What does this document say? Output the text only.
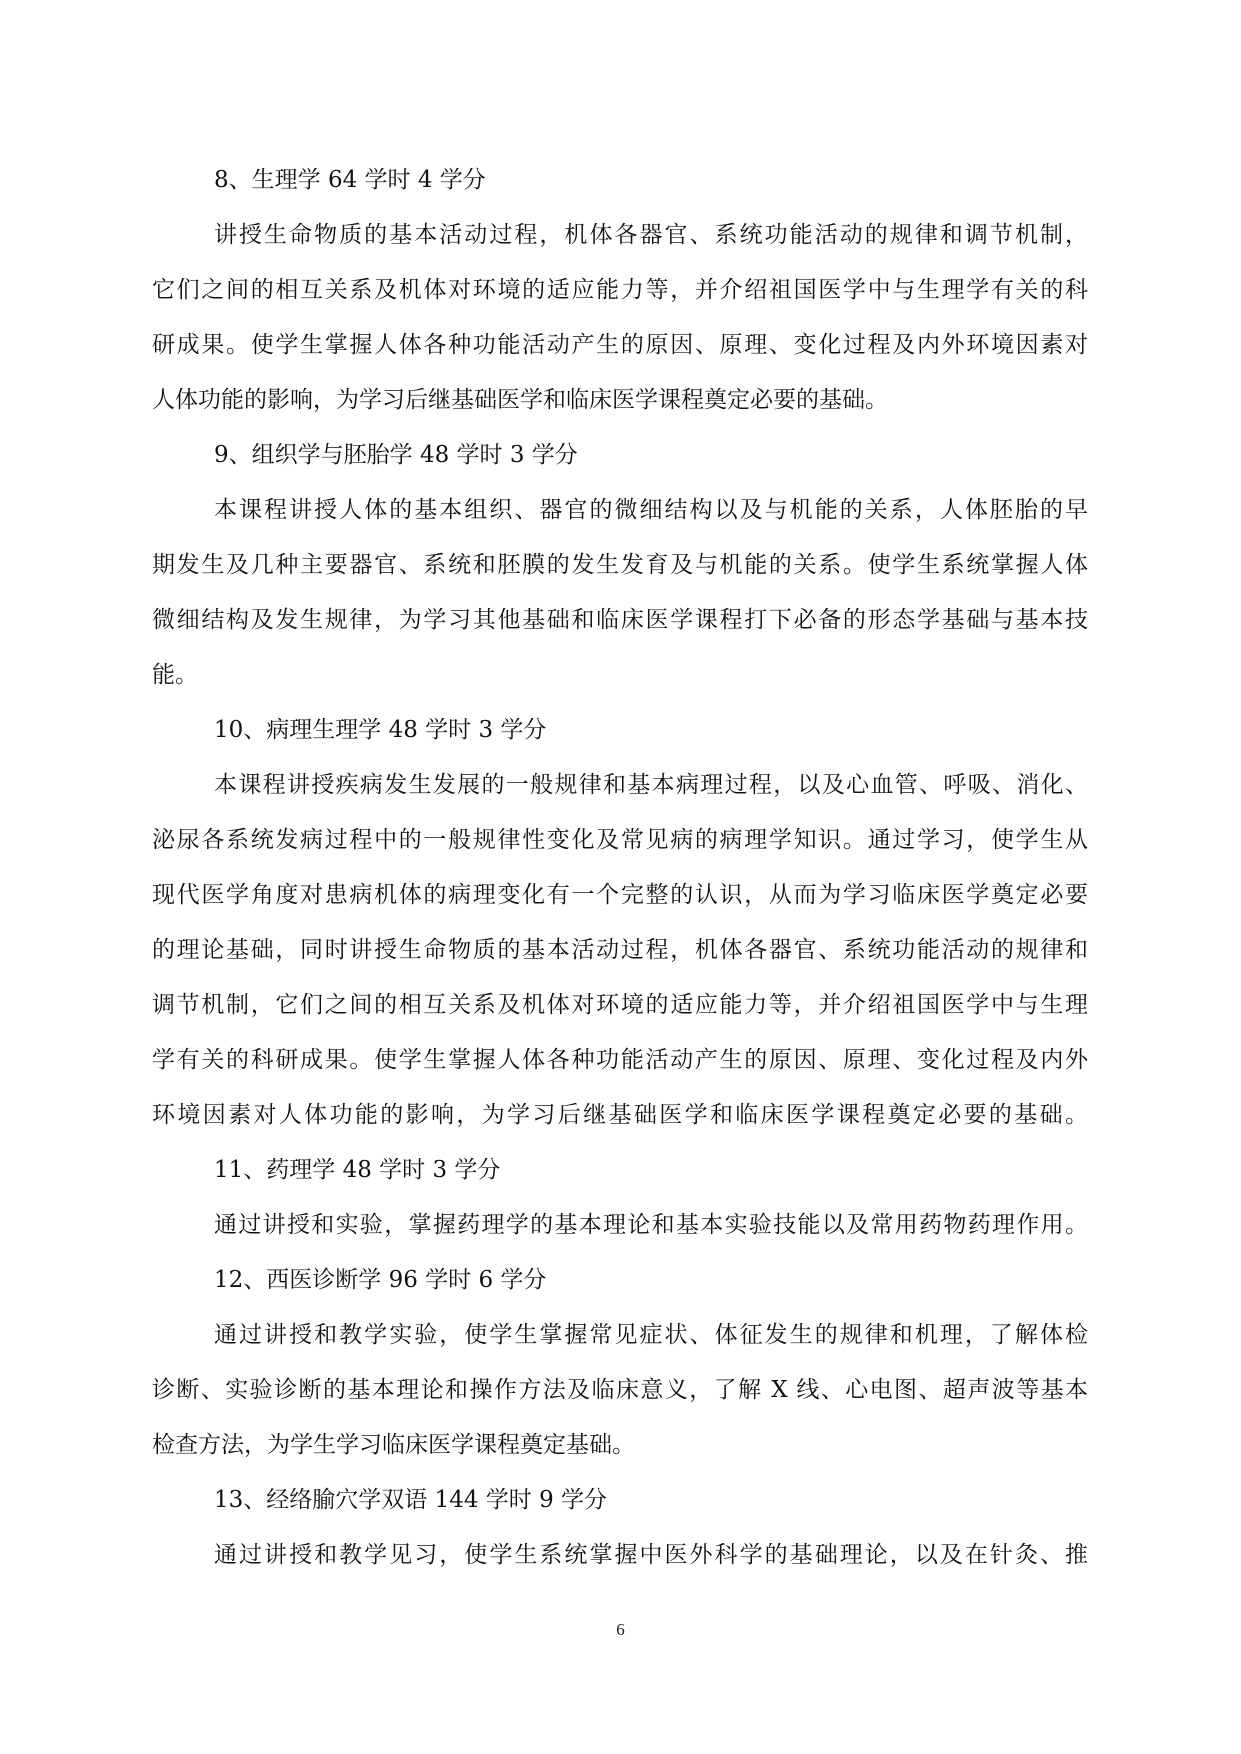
8、生理学 64 学时 4 学分
讲授生命物质的基本活动过程，机体各器官、系统功能活动的规律和调节机制，
它们之间的相互关系及机体对环境的适应能力等，并介绍祖国医学中与生理学有关的科
研成果。使学生掌握人体各种功能活动产生的原因、原理、变化过程及内外环境因素对
人体功能的影响，为学习后继基础医学和临床医学课程奠定必要的基础。
9、组织学与胚胎学 48 学时 3 学分
本课程讲授人体的基本组织、器官的微细结构以及与机能的关系，人体胚胎的早
期发生及几种主要器官、系统和胚膜的发生发育及与机能的关系。使学生系统掌握人体
微细结构及发生规律，为学习其他基础和临床医学课程打下必备的形态学基础与基本技
能。
10、病理生理学 48 学时 3 学分
本课程讲授疾病发生发展的一般规律和基本病理过程，以及心血管、呼吸、消化、
泌尿各系统发病过程中的一般规律性变化及常见病的病理学知识。通过学习，使学生从
现代医学角度对患病机体的病理变化有一个完整的认识，从而为学习临床医学奠定必要
的理论基础，同时讲授生命物质的基本活动过程，机体各器官、系统功能活动的规律和
调节机制，它们之间的相互关系及机体对环境的适应能力等，并介绍祖国医学中与生理
学有关的科研成果。使学生掌握人体各种功能活动产生的原因、原理、变化过程及内外
环境因素对人体功能的影响，为学习后继基础医学和临床医学课程奠定必要的基础。
11、药理学 48 学时 3 学分
通过讲授和实验，掌握药理学的基本理论和基本实验技能以及常用药物药理作用。
12、西医诊断学 96 学时 6 学分
通过讲授和教学实验，使学生掌握常见症状、体征发生的规律和机理，了解体检
诊断、实验诊断的基本理论和操作方法及临床意义，了解 X 线、心电图、超声波等基本
检查方法，为学生学习临床医学课程奠定基础。
13、经络腧穴学双语 144 学时 9 学分
通过讲授和教学见习，使学生系统掌握中医外科学的基础理论，以及在针灸、推
6
